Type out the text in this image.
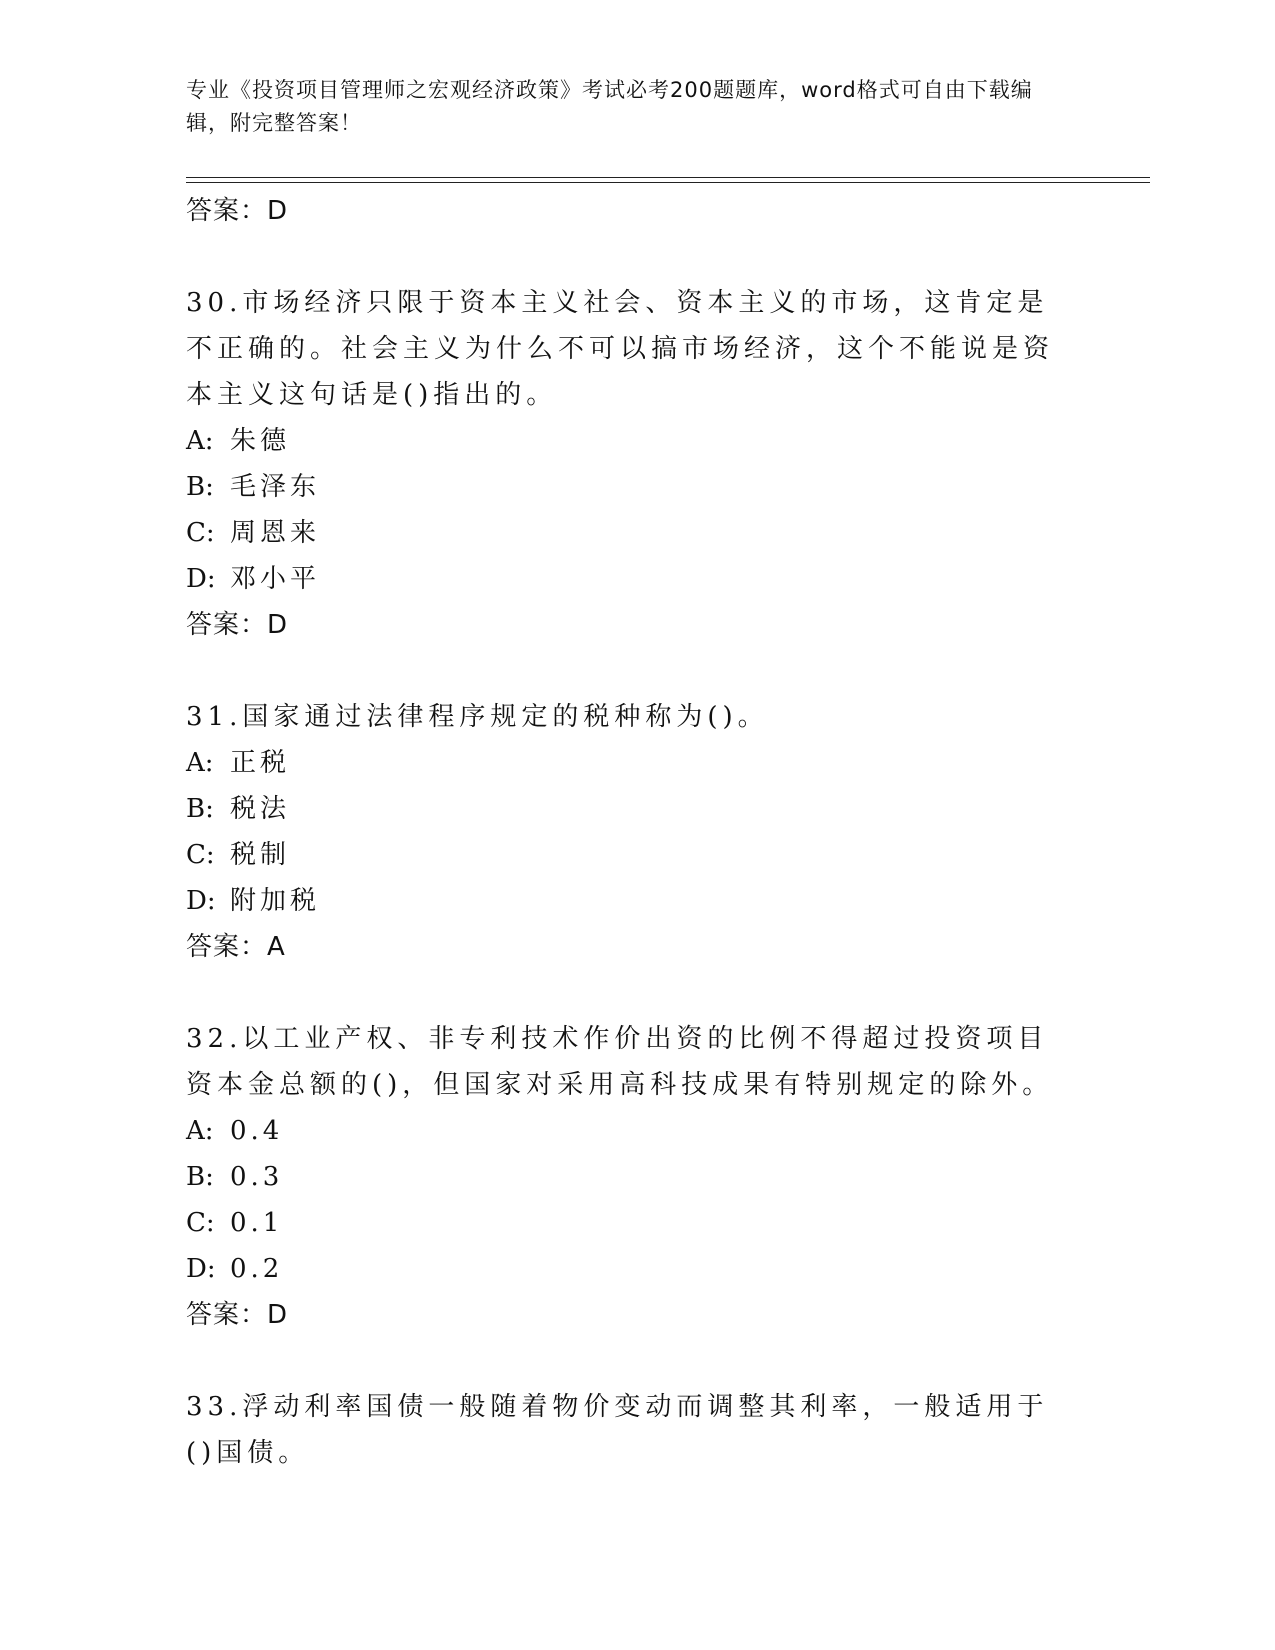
专业《投资项目管理师之宏观经济政策》考试必考200题题库，word格式可自由下载编辑，附完整答案！
答案：D
30.市场经济只限于资本主义社会、资本主义的市场，这肯定是不正确的。社会主义为什么不可以搞市场经济，这个不能说是资本主义这句话是()指出的。
A: 朱德
B: 毛泽东
C: 周恩来
D: 邓小平
答案：D
31.国家通过法律程序规定的税种称为()。
A: 正税
B: 税法
C: 税制
D: 附加税
答案：A
32.以工业产权、非专利技术作价出资的比例不得超过投资项目资本金总额的()，但国家对采用高科技成果有特别规定的除外。
A: 0.4
B: 0.3
C: 0.1
D: 0.2
答案：D
33.浮动利率国债一般随着物价变动而调整其利率，一般适用于()国债。
